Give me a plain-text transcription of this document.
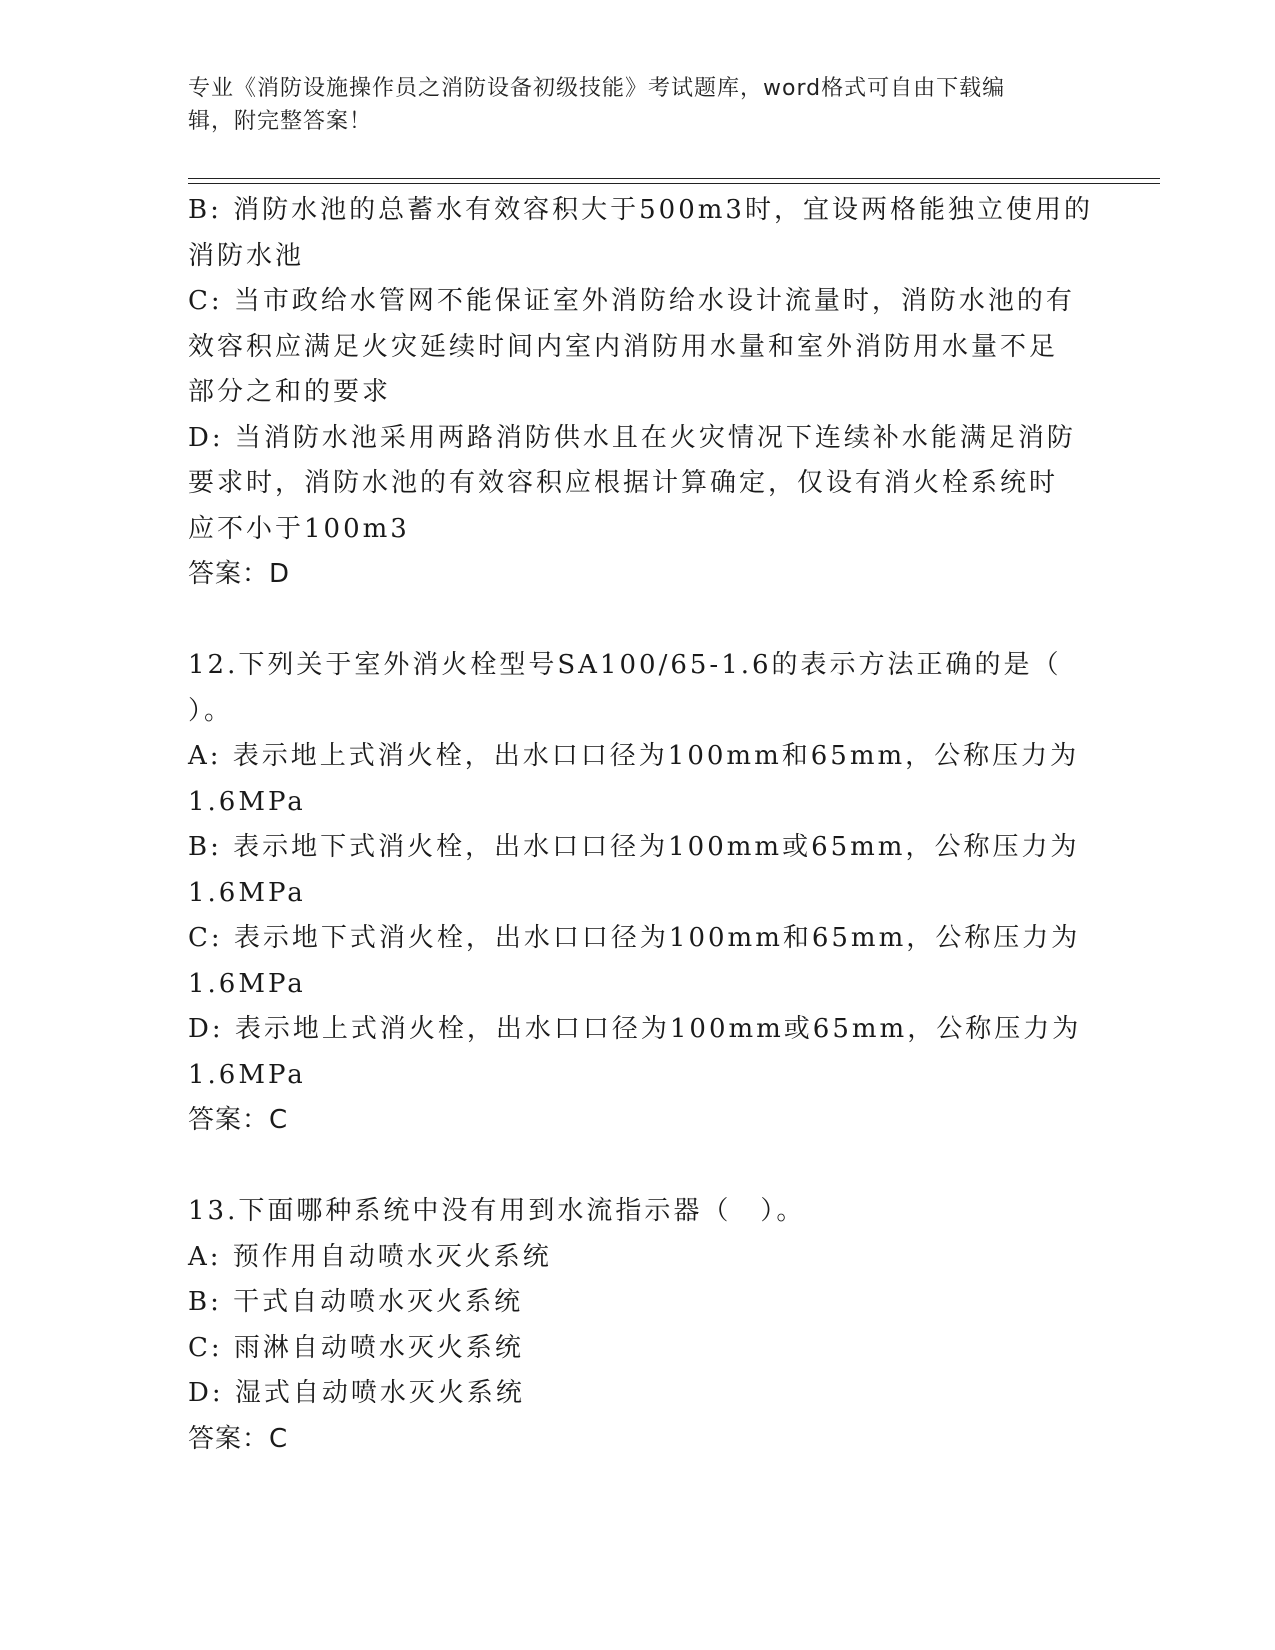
专业《消防设施操作员之消防设备初级技能》考试题库，word格式可自由下载编
辑，附完整答案！
B: 消防水池的总蓄水有效容积大于500m3时，宜设两格能独立使用的
消防水池
C: 当市政给水管网不能保证室外消防给水设计流量时，消防水池的有
效容积应满足火灾延续时间内室内消防用水量和室外消防用水量不足
部分之和的要求
D: 当消防水池采用两路消防供水且在火灾情况下连续补水能满足消防
要求时，消防水池的有效容积应根据计算确定，仅设有消火栓系统时
应不小于100m3
答案：D
12.下列关于室外消火栓型号SA100/65-1.6的表示方法正确的是（
）。
A: 表示地上式消火栓，出水口口径为100mm和65mm，公称压力为
1.6MPa
B: 表示地下式消火栓，出水口口径为100mm或65mm，公称压力为
1.6MPa
C: 表示地下式消火栓，出水口口径为100mm和65mm，公称压力为
1.6MPa
D: 表示地上式消火栓，出水口口径为100mm或65mm，公称压力为
1.6MPa
答案：C
13.下面哪种系统中没有用到水流指示器（　）。
A: 预作用自动喷水灭火系统
B: 干式自动喷水灭火系统
C: 雨淋自动喷水灭火系统
D: 湿式自动喷水灭火系统
答案：C
